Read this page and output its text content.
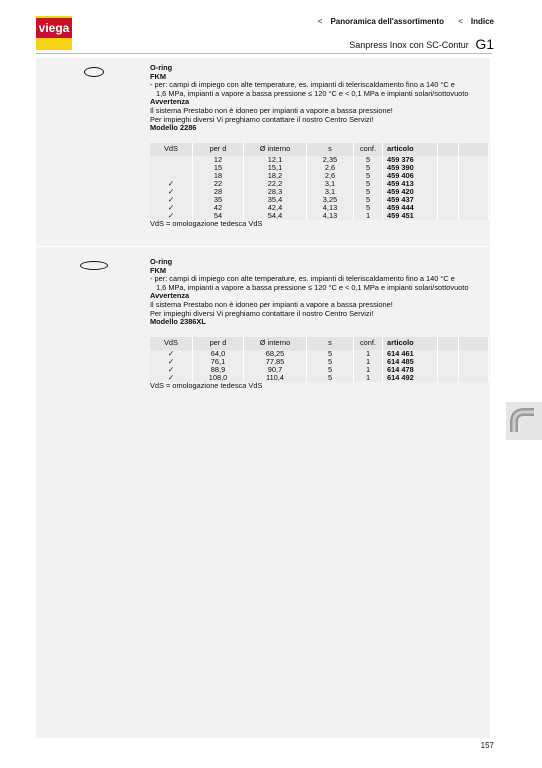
viega	< Panoramica dell'assortimento < Indice
Sanpress Inox con SC-Contur G1

O-ring

FKM

- per: campi di impiego con alte temperature, es. impianti di teleriscaldamento fino a 140 °C e

1,6 MPa, impianti a vapore a bassa pressione ≤ 120 °C e < 0,1 MPa e impianti solari/sottovuoto

Avvertenza

Il sistema Prestabo non è idoneo per impianti a vapore a bassa pressione!

Per impieghi diversi Vi preghiamo contattare il nostro Centro Servizi!

Modello 2286

VdS	per d	Ø interno	s	conf.	articolo		
	12	12,1	2,35	5	459 376		
	15	15,1	2,6	5	459 390		
	18	18,2	2,6	5	459 406		
✓	22	22,2	3,1	5	459 413		
✓	28	28,3	3,1	5	459 420		
✓	35	35,4	3,25	5	459 437		
✓	42	42,4	4,13	5	459 444		
✓	54	54,4	4,13	1	459 451		

VdS = omologazione tedesca VdS

O-ring

FKM

- per: campi di impiego con alte temperature, es. impianti di teleriscaldamento fino a 140 °C e

1,6 MPa, impianti a vapore a bassa pressione ≤ 120 °C e < 0,1 MPa e impianti solari/sottovuoto

Avvertenza

Il sistema Prestabo non è idoneo per impianti a vapore a bassa pressione!

Per impieghi diversi Vi preghiamo contattare il nostro Centro Servizi!

Modello 2386XL

VdS	per d	Ø interno	s	conf.	articolo		
✓	64,0	68,25	5	1	614 461		
✓	76,1	77,85	5	1	614 485		
✓	88,9	90,7	5	1	614 478		
✓	108,0	110,4	5	1	614 492		

VdS = omologazione tedesca VdS

157
